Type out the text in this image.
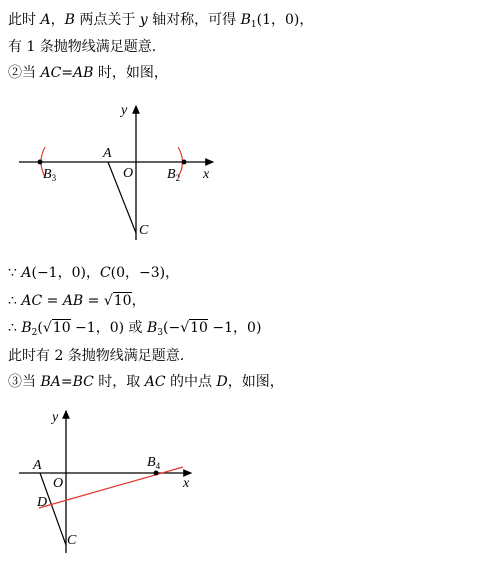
此时 A，B 两点关于 y 轴对称，可得 $B_1(1$，0)，
有 1 条抛物线满足题意.
②当 AC=AB 时，如图，
y
x
O
A
C
$B_3$	$B_2$
∵ A(−1，0)，C(0，−3)，
∴ AC = AB = √10，
∴ $B_2(√10 -1$，0) 或 $B_3(-√10 -1$，0)
此时有 2 条抛物线满足题意.
③当 BA=BC 时，取 AC 的中点 D，如图，
y
x
O
A
D
C
$B_4$
